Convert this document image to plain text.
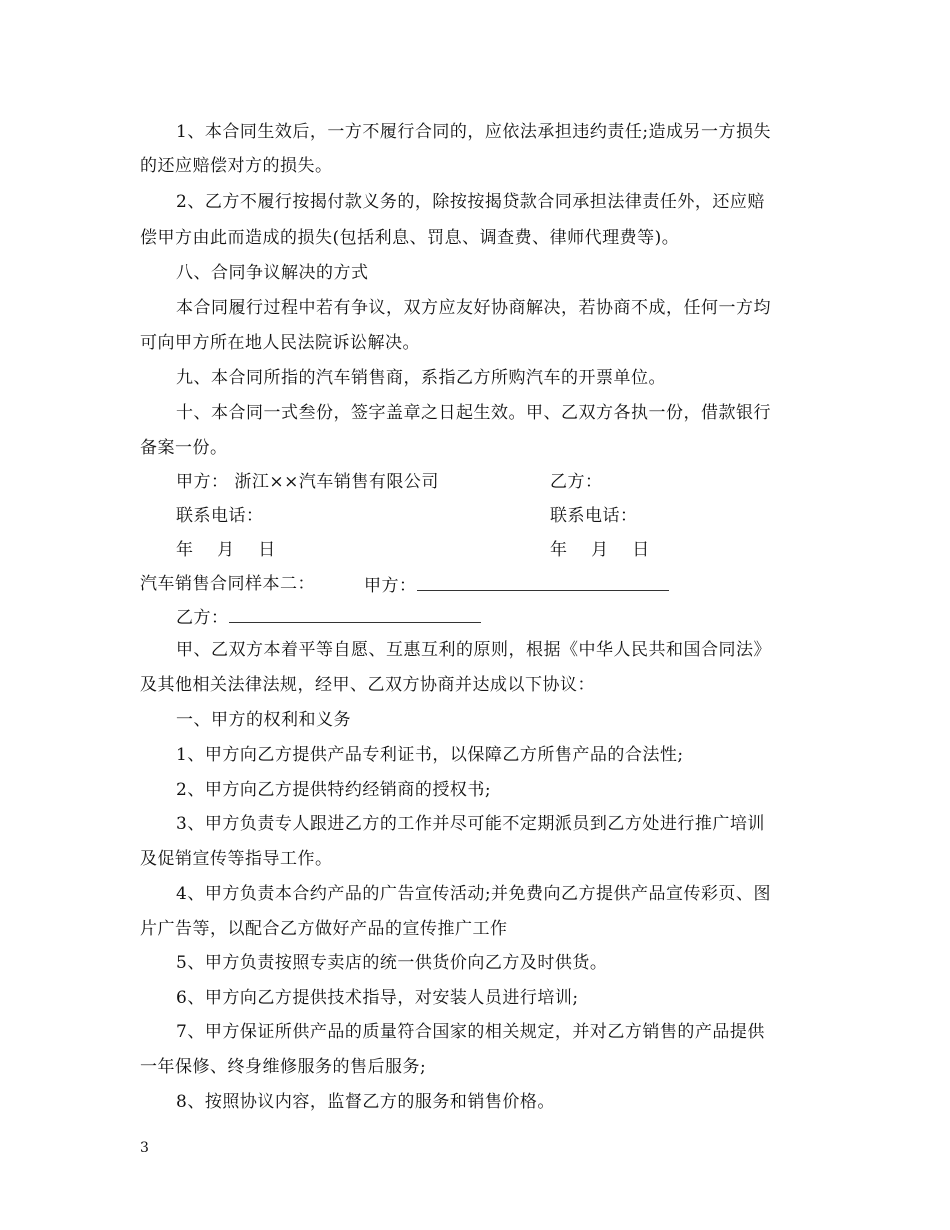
1、本合同生效后，一方不履行合同的，应依法承担违约责任;造成另一方损失
的还应赔偿对方的损失。
2、乙方不履行按揭付款义务的，除按按揭贷款合同承担法律责任外，还应赔
偿甲方由此而造成的损失(包括利息、罚息、调查费、律师代理费等)。
八、合同争议解决的方式
本合同履行过程中若有争议，双方应友好协商解决，若协商不成，任何一方均
可向甲方所在地人民法院诉讼解决。
九、本合同所指的汽车销售商，系指乙方所购汽车的开票单位。
十、本合同一式叁份，签字盖章之日起生效。甲、乙双方各执一份，借款银行
备案一份。
甲方： 浙江××汽车销售有限公司	乙方：
联系电话：	联系电话：
年    月    日	年    月    日
汽车销售合同样本二：	甲方：
乙方：
甲、乙双方本着平等自愿、互惠互利的原则，根据《中华人民共和国合同法》
及其他相关法律法规，经甲、乙双方协商并达成以下协议：
一、甲方的权利和义务
1、甲方向乙方提供产品专利证书，以保障乙方所售产品的合法性;
2、甲方向乙方提供特约经销商的授权书;
3、甲方负责专人跟进乙方的工作并尽可能不定期派员到乙方处进行推广培训
及促销宣传等指导工作。
4、甲方负责本合约产品的广告宣传活动;并免费向乙方提供产品宣传彩页、图
片广告等，以配合乙方做好产品的宣传推广工作
5、甲方负责按照专卖店的统一供货价向乙方及时供货。
6、甲方向乙方提供技术指导，对安装人员进行培训;
7、甲方保证所供产品的质量符合国家的相关规定，并对乙方销售的产品提供
一年保修、终身维修服务的售后服务;
8、按照协议内容，监督乙方的服务和销售价格。
3
